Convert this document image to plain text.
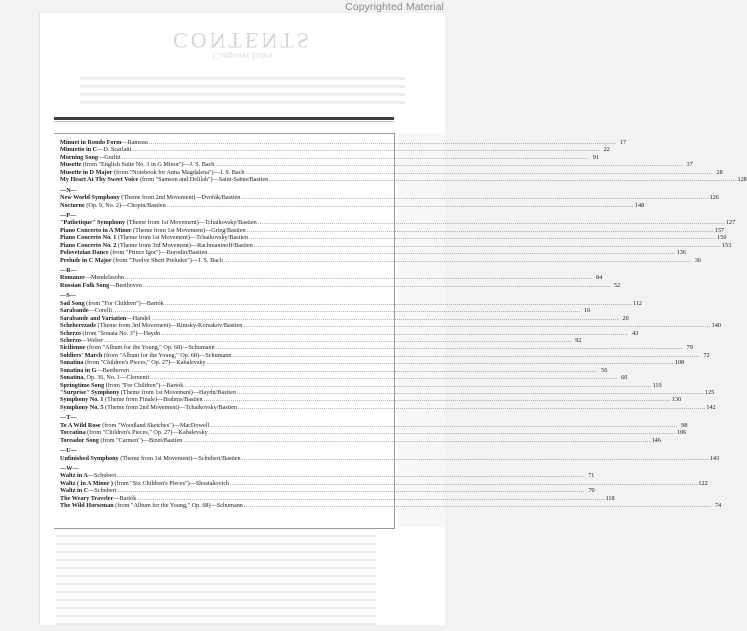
Copyrighted Material
CONTENTS
Composer Index
Minuet in Rondo Form—Rameau .....	17
Minuetto in C—D. Scarlatti .....	22
Morning Song—Gurlitt .....	91
Musette (from "English Suite No. 3 in G Minor")—J. S. Bach .....	37
Musette in D Major (from "Notebook for Anna Magdalena")—J. S. Bach .....	28
My Heart At Thy Sweet Voice (from "Samson and Delilah")—Saint-Saëns/Bastien .....	128
—N—
New World Symphony (Theme from 2nd Movement)—Dvořák/Bastien .....	126
Nocturne (Op. 9, No. 2)—Chopin/Bastien .....	148
—P—
"Pathetique" Symphony (Theme from 1st Movement)—Tchaikovsky/Bastien .....	127
Piano Concerto in A Minor (Theme from 1st Movement)—Grieg/Bastien .....	157
Piano Concerto No. 1 (Theme from 1st Movement)—Tchaikovsky/Bastien .....	150
Piano Concerto No. 2 (Theme from 3rd Movement)—Rachmaninoff/Bastien .....	153
Polovetzian Dance (from "Prince Igor")—Borodin/Bastien .....	136
Prelude in C Major (from "Twelve Short Preludes")—J. S. Bach .....	36
—R—
Romanze—Mendelssohn .....	84
Russian Folk Song—Beethoven .....	52
—S—
Sad Song (from "For Children")—Bartók .....	112
Sarabande—Corelli .....	16
Sarabande and Variation—Handel .....	20
Scheherezade (Theme from 3rd Movement)—Rimsky-Korsakov/Bastien .....	140
Scherzo (from "Sonata No. 3")—Haydn .....	43
Scherzo—Weber .....	92
Sicilienne (from "Album for the Young," Op. 68)—Schumann .....	79
Soldiers' March (from "Album for the Young," Op. 68)—Schumann .....	72
Sonatina (from "Children's Pieces," Op. 27)—Kabalevsky .....	108
Sonatina in G—Beethoven .....	56
Sonatina, Op. 36, No. 1—Clementi .....	60
Springtime Song (from "For Children")—Bartók .....	119
"Surprise" Symphony (Theme from 1st Movement)—Haydn/Bastien .....	125
Symphony No. 1 (Theme from Finale)—Brahms/Bastien .....	130
Symphony No. 5 (Theme from 2nd Movement)—Tchaikovsky/Bastien .....	142
—T—
To A Wild Rose (from "Woodland Sketches")—MacDowell .....	98
Toccatina (from "Children's Pieces," Op. 27)—Kabalevsky .....	106
Toreador Song (from "Carmen")—Bizet/Bastien .....	146
—U—
Unfinished Symphony (Theme from 1st Movement)—Schubert/Bastien .....	143
—W—
Waltz in A—Schubert .....	71
Waltz ( in A Minor ) (from "Six Children's Pieces")—Shostakovich .....	122
Waltz in C—Schubert .....	70
The Weary Traveler—Bartók .....	118
The Wild Horseman (from "Album for the Young," Op. 68)—Schumann .....	74
